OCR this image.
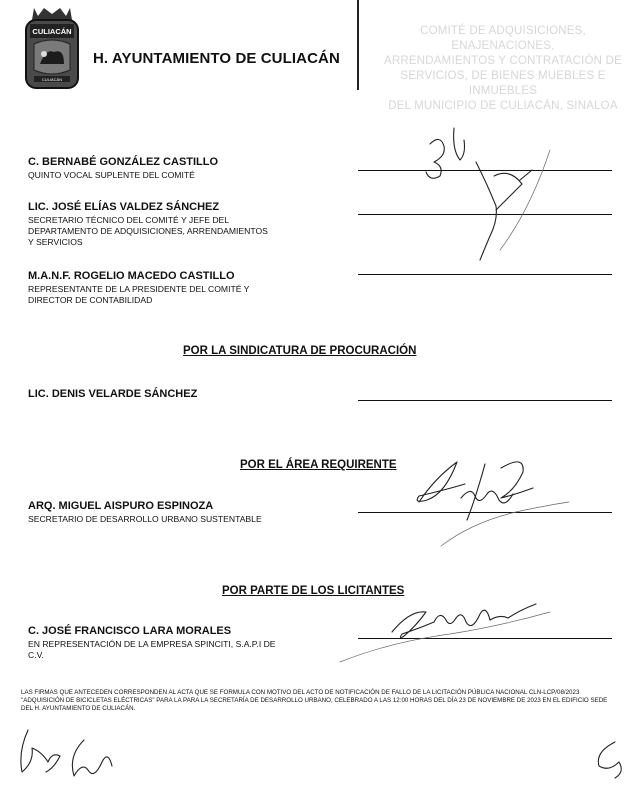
CULIACÁN
CULIACÁN
H. AYUNTAMIENTO DE CULIACÁN
COMITÉ DE ADQUISICIONES, ENAJENACIONES,
ARRENDAMIENTOS Y CONTRATACIÓN DE
SERVICIOS, DE BIENES MUEBLES E INMUEBLES
DEL MUNICIPIO DE CULIACÁN, SINALOA
C. BERNABÉ GONZÁLEZ CASTILLO
QUINTO VOCAL SUPLENTE DEL COMITÉ
LIC. JOSÉ ELÍAS VALDEZ SÁNCHEZ
SECRETARIO TÉCNICO DEL COMITÉ Y JEFE DEL
DEPARTAMENTO DE ADQUISICIONES, ARRENDAMIENTOS
Y SERVICIOS
M.A.N.F. ROGELIO MACEDO CASTILLO
REPRESENTANTE DE LA PRESIDENTE DEL COMITÉ Y
DIRECTOR DE CONTABILIDAD
POR LA SINDICATURA DE PROCURACIÓN
LIC. DENIS VELARDE SÁNCHEZ
POR EL ÁREA REQUIRENTE
ARQ. MIGUEL AISPURO ESPINOZA
SECRETARIO DE DESARROLLO URBANO SUSTENTABLE
POR PARTE DE LOS LICITANTES
C. JOSÉ FRANCISCO LARA MORALES
EN REPRESENTACIÓN DE LA EMPRESA SPINCITI, S.A.P.I DE
C.V.
LAS FIRMAS QUE ANTECEDEN CORRESPONDEN AL ACTA QUE SE FORMULA CON MOTIVO DEL ACTO DE NOTIFICACIÓN DE FALLO DE LA LICITACIÓN PÚBLICA NACIONAL CLN-LCP/08/2023
"ADQUISICIÓN DE BICICLETAS ELÉCTRICAS" PARA LA PARA LA SECRETARÍA DE DESARROLLO URBANO, CELEBRADO A LAS 12:00 HORAS DEL DÍA 23 DE NOVIEMBRE DE 2023 EN EL EDIFICIO SEDE
DEL H. AYUNTAMIENTO DE CULIACÁN.
